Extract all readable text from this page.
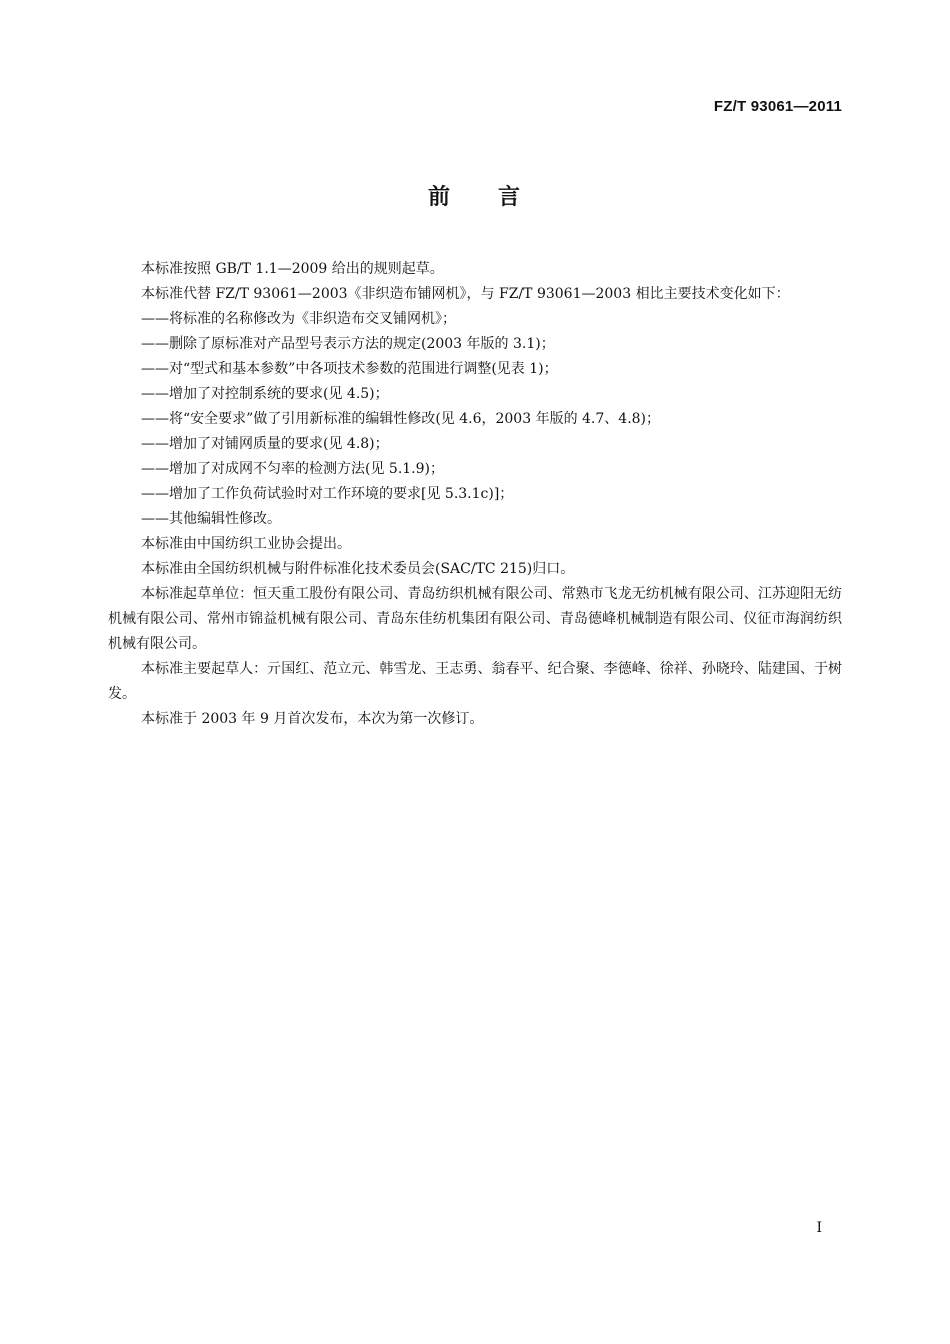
FZ/T 93061—2011

前 言

本标准按照 GB/T 1.1—2009 给出的规则起草。

本标准代替 FZ/T 93061—2003《非织造布铺网机》，与 FZ/T 93061—2003 相比主要技术变化如下：

——将标准的名称修改为《非织造布交叉铺网机》；

——删除了原标准对产品型号表示方法的规定(2003 年版的 3.1)；

——对“型式和基本参数”中各项技术参数的范围进行调整(见表 1)；

——增加了对控制系统的要求(见 4.5)；

——将“安全要求”做了引用新标准的编辑性修改(见 4.6，2003 年版的 4.7、4.8)；

——增加了对铺网质量的要求(见 4.8)；

——增加了对成网不匀率的检测方法(见 5.1.9)；

——增加了工作负荷试验时对工作环境的要求[见 5.3.1c)]；

——其他编辑性修改。

本标准由中国纺织工业协会提出。

本标准由全国纺织机械与附件标准化技术委员会(SAC/TC 215)归口。

本标准起草单位：恒天重工股份有限公司、青岛纺织机械有限公司、常熟市飞龙无纺机械有限公司、江苏迎阳无纺机械有限公司、常州市锦益机械有限公司、青岛东佳纺机集团有限公司、青岛德峰机械制造有限公司、仪征市海润纺织机械有限公司。

本标准主要起草人：亓国红、范立元、韩雪龙、王志勇、翁春平、纪合聚、李德峰、徐祥、孙晓玲、陆建国、于树发。

本标准于 2003 年 9 月首次发布，本次为第一次修订。

I
